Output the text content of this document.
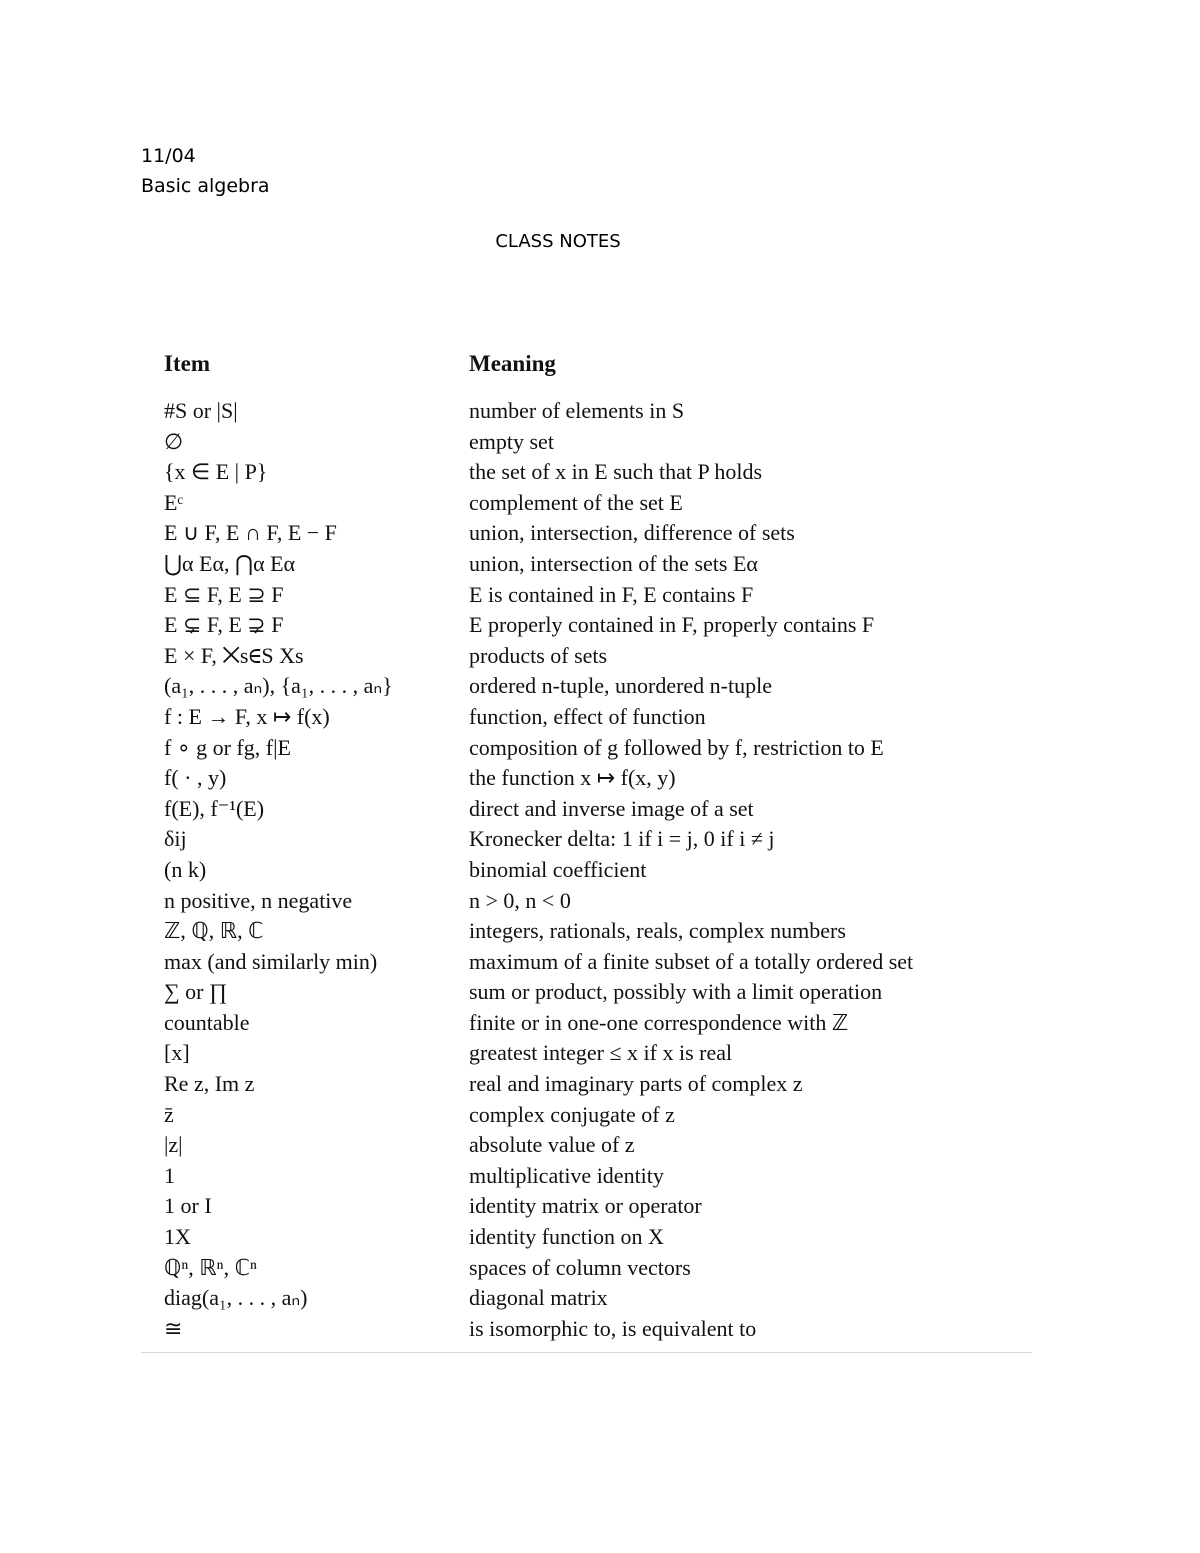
11/04
Basic algebra
CLASS NOTES
Item	Meaning
#S or |S|	number of elements in S
∅	empty set
{x ∈ E | P}	the set of x in E such that P holds
Eᶜ	complement of the set E
E ∪ F, E ∩ F, E − F	union, intersection, difference of sets
⋃α Eα, ⋂α Eα	union, intersection of the sets Eα
E ⊆ F, E ⊇ F	E is contained in F, E contains F
E ⊊ F, E ⊋ F	E properly contained in F, properly contains F
E × F, ⨉s∈S Xs	products of sets
(a₁, . . . , aₙ), {a₁, . . . , aₙ}	ordered n-tuple, unordered n-tuple
f : E → F, x ↦ f(x)	function, effect of function
f ∘ g or fg, f|E	composition of g followed by f, restriction to E
f( · , y)	the function x ↦ f(x, y)
f(E), f⁻¹(E)	direct and inverse image of a set
δij	Kronecker delta: 1 if i = j, 0 if i ≠ j
(n k)	binomial coefficient
n positive, n negative	n > 0, n < 0
ℤ, ℚ, ℝ, ℂ	integers, rationals, reals, complex numbers
max (and similarly min)	maximum of a finite subset of a totally ordered set
∑ or ∏	sum or product, possibly with a limit operation
countable	finite or in one-one correspondence with ℤ
[x]	greatest integer ≤ x if x is real
Re z, Im z	real and imaginary parts of complex z
z̄	complex conjugate of z
|z|	absolute value of z
1	multiplicative identity
1 or I	identity matrix or operator
1X	identity function on X
ℚⁿ, ℝⁿ, ℂⁿ	spaces of column vectors
diag(a₁, . . . , aₙ)	diagonal matrix
≅	is isomorphic to, is equivalent to
